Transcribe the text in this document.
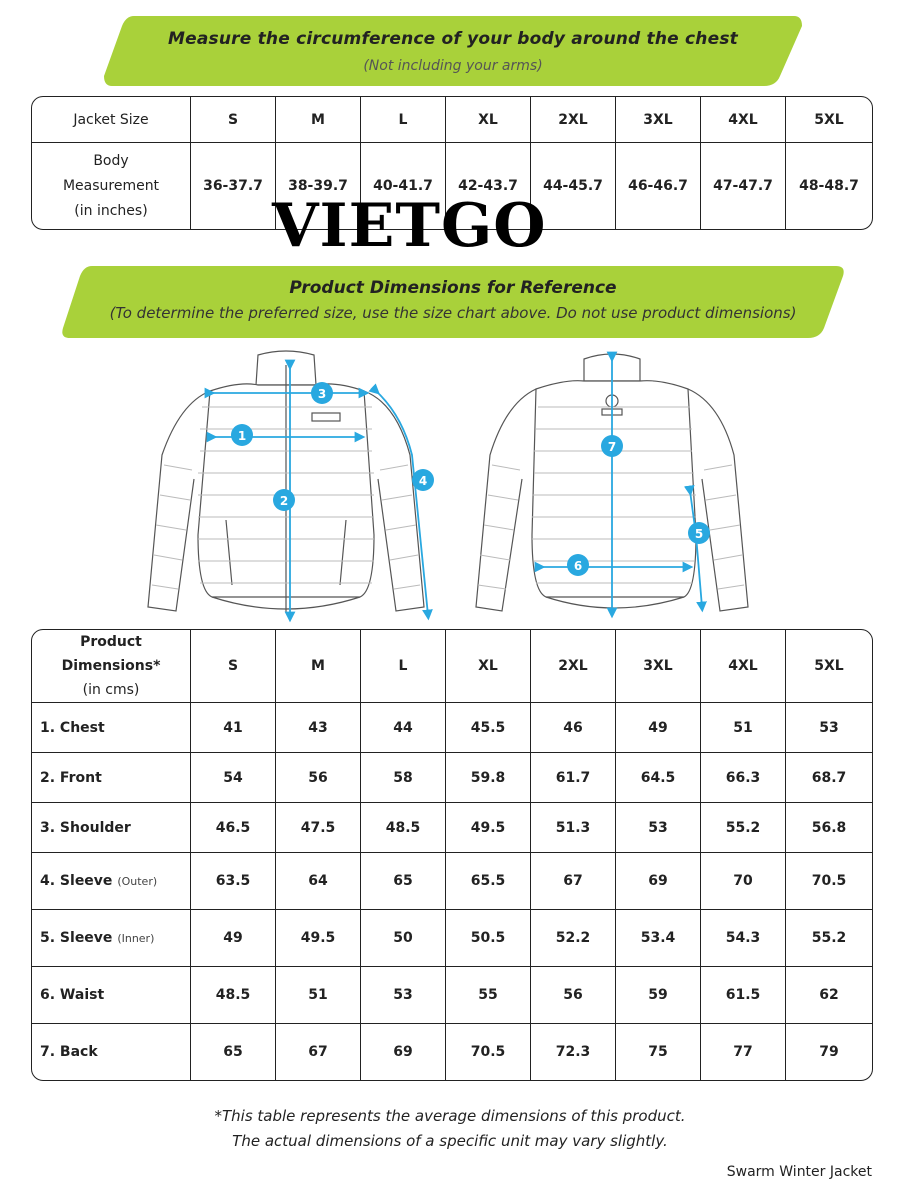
Measure the circumference of your body around the chest
(Not including your arms)
Jacket Size	S	M	L	XL	2XL	3XL	4XL	5XL

Body
Measurement
(in inches)	36-37.7	38-39.7	40-41.7	42-43.7	44-45.7	46-46.7	47-47.7	48-48.7
VIETGO
Product Dimensions for Reference
(To determine the preferred size, use the size chart above. Do not use product dimensions)
1
2
3
4
5
6
7
Product Dimensions*
(in cms)	S	M	L	XL	2XL	3XL	4XL	5XL
1. Chest	41	43	44	45.5	46	49	51	53
2. Front	54	56	58	59.8	61.7	64.5	66.3	68.7
3. Shoulder	46.5	47.5	48.5	49.5	51.3	53	55.2	56.8
4. Sleeve (Outer)	63.5	64	65	65.5	67	69	70	70.5
5. Sleeve (Inner)	49	49.5	50	50.5	52.2	53.4	54.3	55.2
6. Waist	48.5	51	53	55	56	59	61.5	62
7. Back	65	67	69	70.5	72.3	75	77	79
*This table represents the average dimensions of this product.
The actual dimensions of a specific unit may vary slightly.
Swarm Winter Jacket
